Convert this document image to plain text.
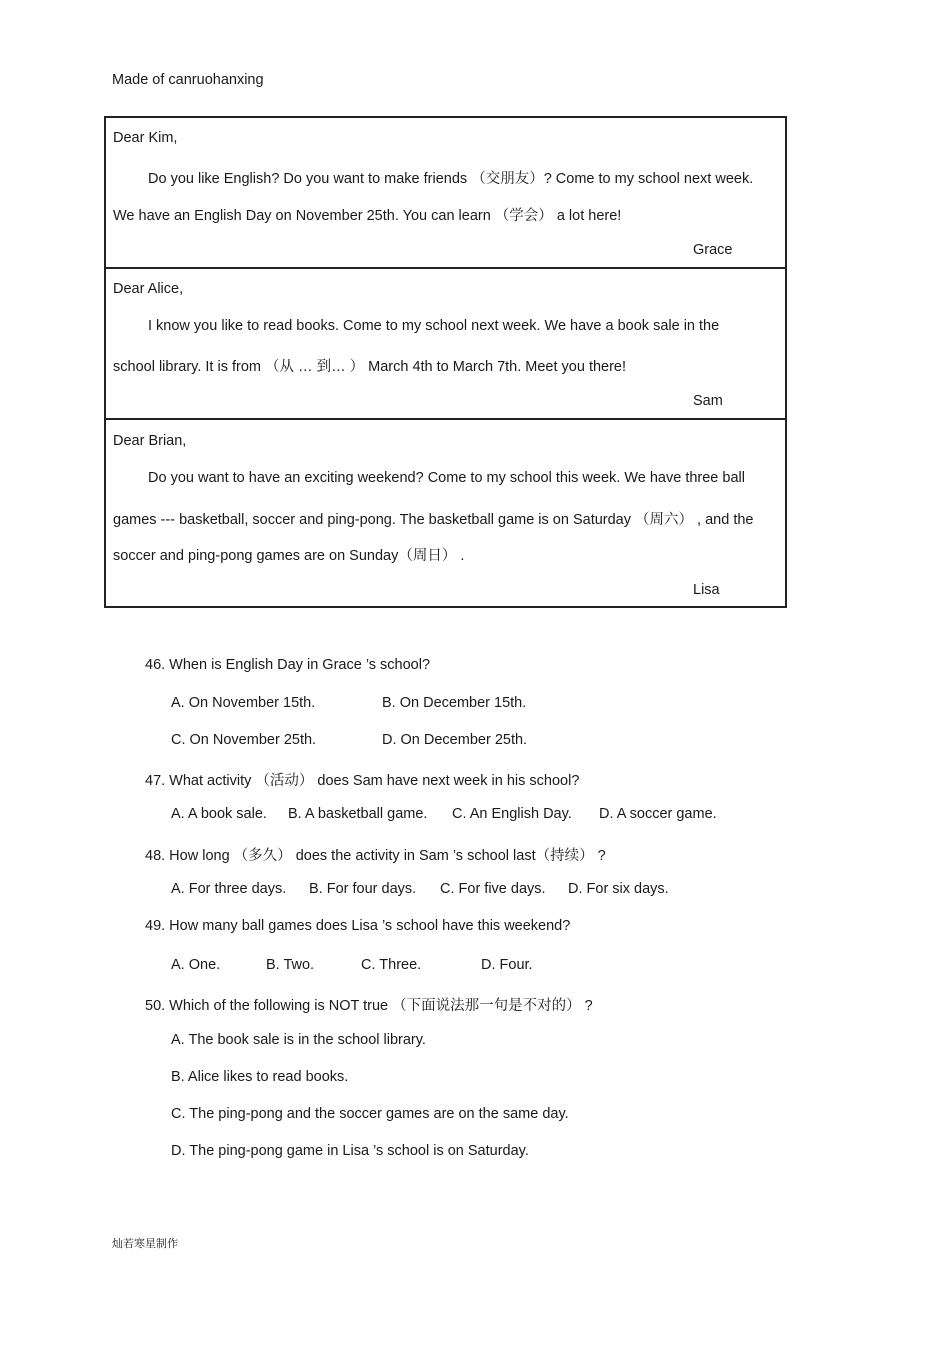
Made of canruohanxing
Dear Kim,
Do you like English? Do you want to make friends （交朋友）? Come to my school next week.
We have an English Day on November 25th. You can learn （学会） a lot here!
Grace
Dear Alice,
I know you like to read books. Come to my school next week. We have a book sale in the
school library. It is from （从 … 到… ） March 4th to March 7th. Meet you there!
Sam
Dear Brian,
Do you want to have an exciting weekend? Come to my school this week. We have three ball
games --- basketball, soccer and ping-pong. The basketball game is on Saturday （周六） , and the
soccer and ping-pong games are on Sunday（周日） .
Lisa
46. When is English Day in Grace ’s school?
A. On November 15th.	B. On December 15th.
C. On November 25th.	D. On December 25th.
47. What activity （活动） does Sam have next week in his school?
A. A book sale. B. A basketball game. C. An English Day. D. A soccer game.
48. How long （多久） does the activity in Sam ’s school last（持续） ?
A. For three days. B. For four days. C. For five days. D. For six days.
49. How many ball games does Lisa ’s school have this weekend?
A. One.	B. Two.	C. Three.	D. Four.
50. Which of the following is NOT true （下面说法那一句是不对的） ?
A. The book sale is in the school library.
B. Alice likes to read books.
C. The ping-pong and the soccer games are on the same day.
D. The ping-pong game in Lisa ’s school is on Saturday.
灿若寒星制作
